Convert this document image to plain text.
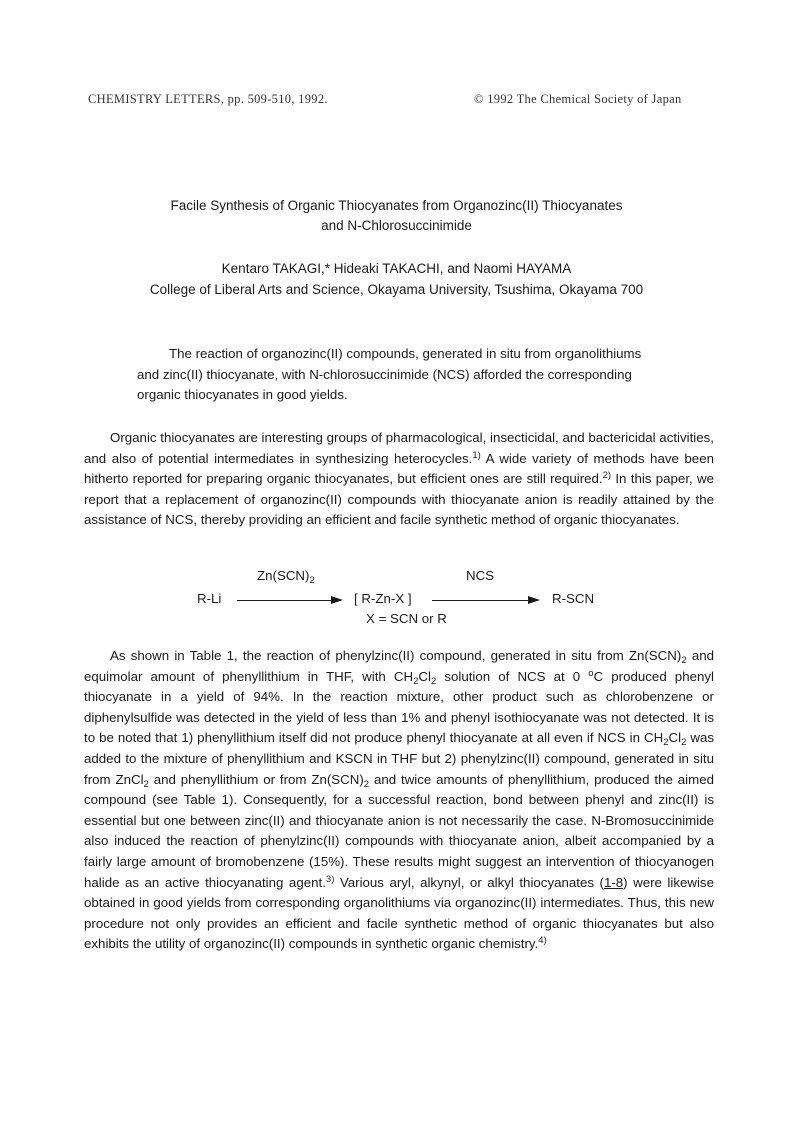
CHEMISTRY LETTERS, pp. 509-510, 1992.	© 1992 The Chemical Society of Japan
Facile Synthesis of Organic Thiocyanates from Organozinc(II) Thiocyanates
and N-Chlorosuccinimide
Kentaro TAKAGI,* Hideaki TAKACHI, and Naomi HAYAMA
College of Liberal Arts and Science, Okayama University, Tsushima, Okayama 700
The reaction of organozinc(II) compounds, generated in situ from organolithiums
and zinc(II) thiocyanate, with N-chlorosuccinimide (NCS) afforded the corresponding
organic thiocyanates in good yields.

Organic thiocyanates are interesting groups of pharmacological, insecticidal, and bactericidal activities, and also of potential intermediates in synthesizing heterocycles.$^{1)}$ A wide variety of methods have been hitherto reported for preparing organic thiocyanates, but efficient ones are still required.$^{2)}$ In this paper, we report that a replacement of organozinc(II) compounds with thiocyanate anion is readily attained by the assistance of NCS, thereby providing an efficient and facile synthetic method of organic thiocyanates.

$Zn(SCN)_2$	NCS
R-Li	[ R-Zn-X ]	R-SCN
X = SCN or R

As shown in Table 1, the reaction of phenylzinc(II) compound, generated in situ from $Zn(SCN)_2$ and equimolar amount of phenyllithium in THF, with $CH_2Cl_2$ solution of NCS at 0 $^o$C produced phenyl thiocyanate in a yield of 94%. In the reaction mixture, other product such as chlorobenzene or diphenylsulfide was detected in the yield of less than 1% and phenyl isothiocyanate was not detected. It is to be noted that 1) phenyllithium itself did not produce phenyl thiocyanate at all even if NCS in $CH_2Cl_2$ was added to the mixture of phenyllithium and KSCN in THF but 2) phenylzinc(II) compound, generated in situ from ZnCl$_2$ and phenyllithium or from $Zn(SCN)_2$ and twice amounts of phenyllithium, produced the aimed compound (see Table 1). Consequently, for a successful reaction, bond between phenyl and zinc(II) is essential but one between zinc(II) and thiocyanate anion is not necessarily the case. N-Bromosuccinimide also induced the reaction of phenylzinc(II) compounds with thiocyanate anion, albeit accompanied by a fairly large amount of bromobenzene (15%). These results might suggest an intervention of thiocyanogen halide as an active thiocyanating agent.$^{3)}$ Various aryl, alkynyl, or alkyl thiocyanates (1-8) were likewise obtained in good yields from corresponding organolithiums via organozinc(II) intermediates. Thus, this new procedure not only provides an efficient and facile synthetic method of organic thiocyanates but also exhibits the utility of organozinc(II) compounds in synthetic organic chemistry.$^{4)}$
